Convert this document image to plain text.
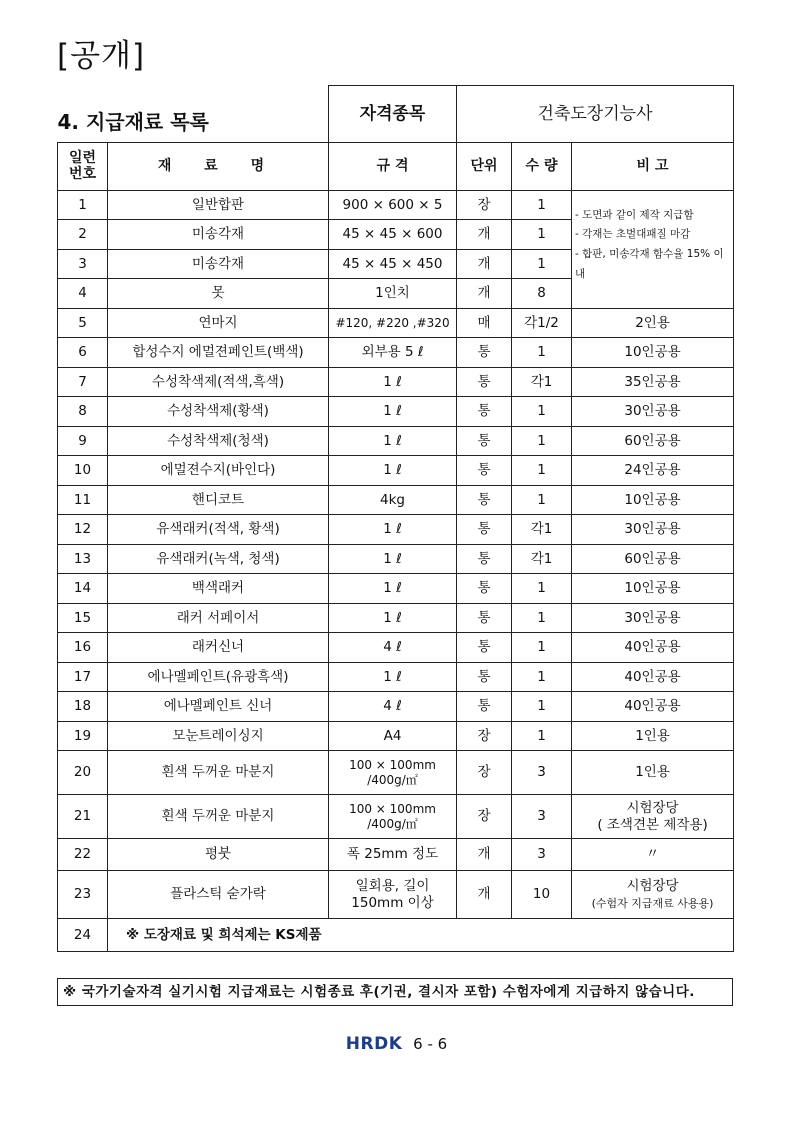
[공개]
4. 지급재료 목록		자격종목	건축도장기능사		
일련
번호	재 료 명	규 격	단위	수 량	비 고
1	일반합판	900 × 600 × 5	장	1	- 도면과 같이 제작 지급함
- 각재는 초벌대패질 마감
- 합판, 미송각재 함수율 15% 이내

2	미송각재	45 × 45 × 600	개	1	
3	미송각재	45 × 45 × 450	개	1	
4	못	1인치	개	8	
5	연마지	#120, #220 ,#320	매	각1/2	2인용
6	합성수지 에멀젼페인트(백색)	외부용 5 ℓ	통	1	10인공용
7	수성착색제(적색,흑색)	1 ℓ	통	각1	35인공용
8	수성착색제(황색)	1 ℓ	통	1	30인공용
9	수성착색제(청색)	1 ℓ	통	1	60인공용
10	에멀젼수지(바인다)	1 ℓ	통	1	24인공용
11	핸디코트	4kg	통	1	10인공용
12	유색래커(적색, 황색)	1 ℓ	통	각1	30인공용
13	유색래커(녹색, 청색)	1 ℓ	통	각1	60인공용
14	백색래커	1 ℓ	통	1	10인공용
15	래커 서페이서	1 ℓ	통	1	30인공용
16	래커신너	4 ℓ	통	1	40인공용
17	에나멜페인트(유광흑색)	1 ℓ	통	1	40인공용
18	에나멜페인트 신너	4 ℓ	통	1	40인공용
19	모눈트레이싱지	A4	장	1	1인용
20	흰색 두꺼운 마분지	100 × 100mm
/400g/㎡	장	3	1인용
21	흰색 두꺼운 마분지	100 × 100mm
/400g/㎡	장	3	시험장당
( 조색견본 제작용)
22	평붓	폭 25mm 정도	개	3	〃
23	플라스틱 숟가락	일회용, 길이
150mm 이상	개	10	시험장당
(수험자 지급재료 사용용)
24	※ 도장재료 및 희석제는 KS제품				
※ 국가기술자격 실기시험 지급재료는 시험종료 후(기권, 결시자 포함) 수험자에게 지급하지 않습니다.
HRDK 6 - 6
